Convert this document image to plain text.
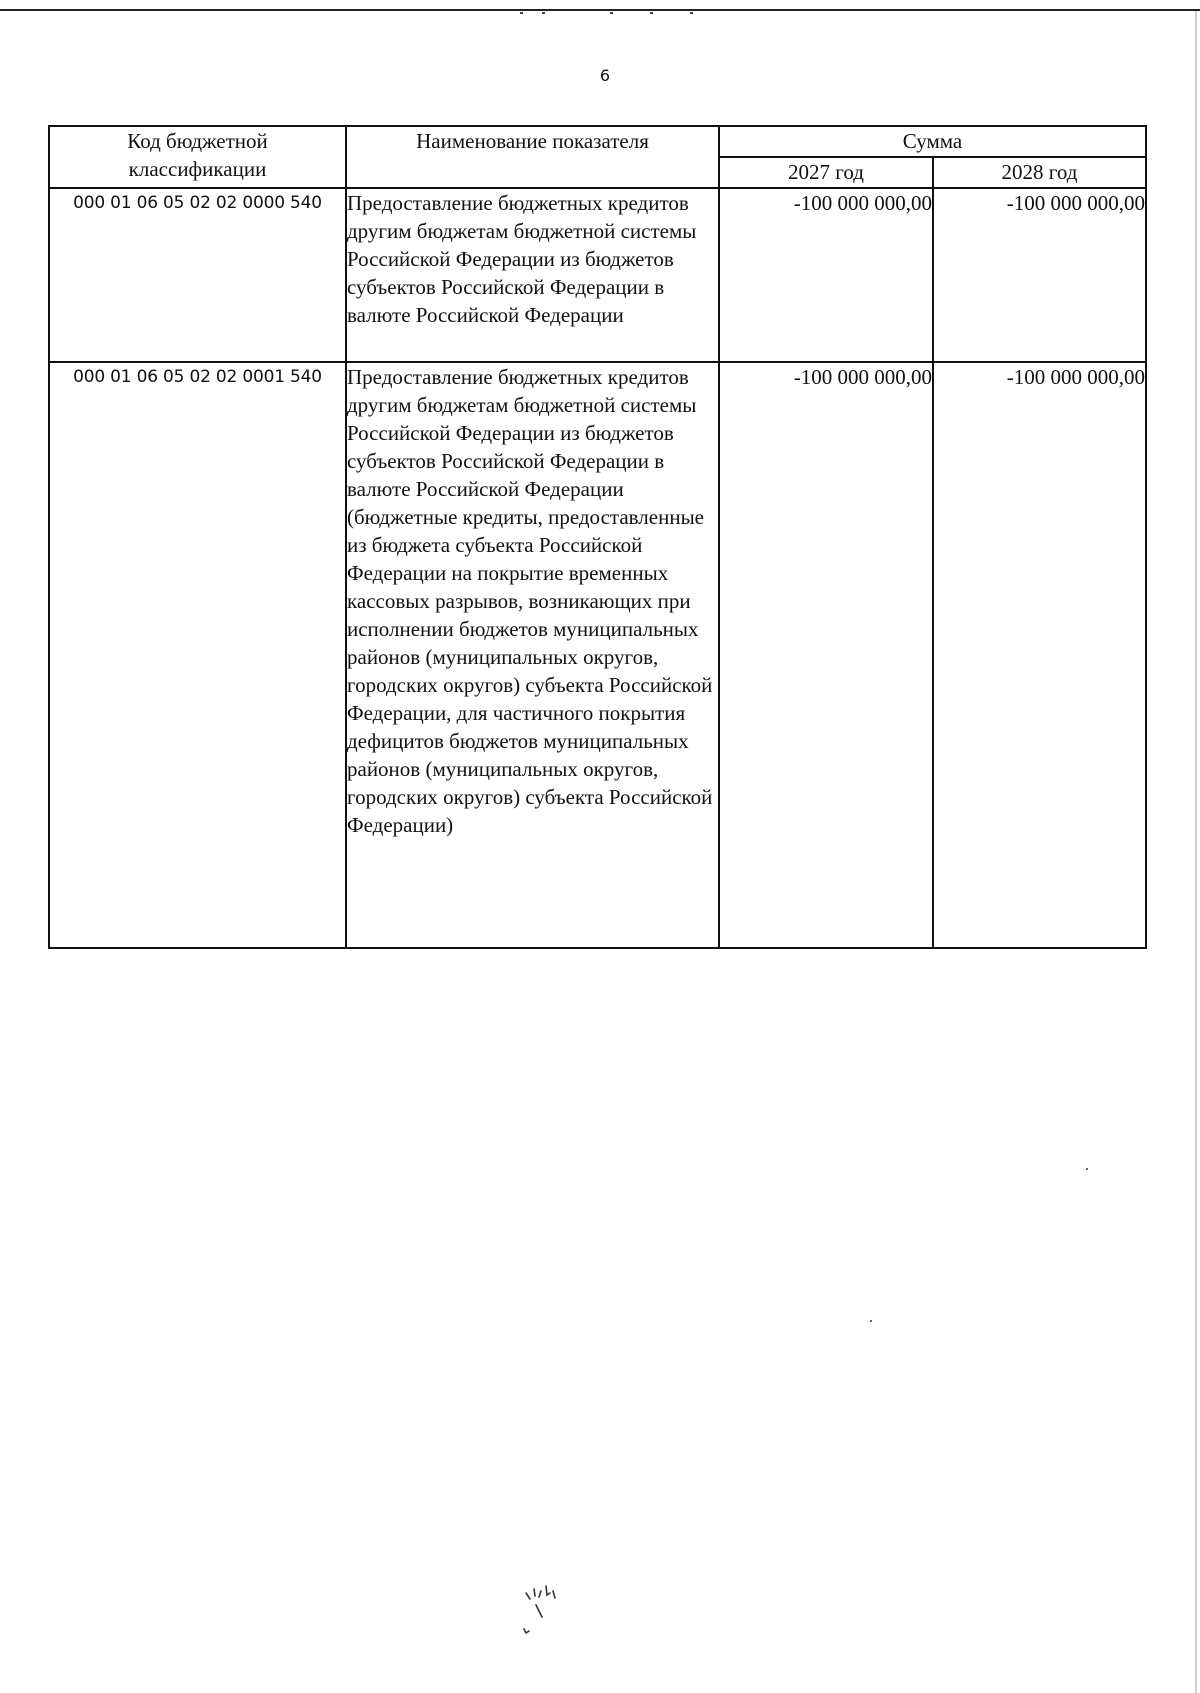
6
Код бюджетной
классификации	Наименование показателя	Сумма	
		2027 год	2028 год
000 01 06 05 02 02 0000 540	Предоставление бюджетных кредитов другим бюджетам бюджетной системы Российской Федерации из бюджетов субъектов Российской Федерации в валюте Российской Федерации	-100 000 000,00	-100 000 000,00
000 01 06 05 02 02 0001 540	Предоставление бюджетных кредитов другим бюджетам бюджетной системы Российской Федерации из бюджетов субъектов Российской Федерации в валюте Российской Федерации (бюджетные кредиты, предоставленные из бюджета субъекта Российской Федерации на покрытие временных кассовых разрывов, возникающих при исполнении бюджетов муниципальных районов (муниципальных округов, городских округов) субъекта Российской Федерации, для частичного покрытия дефицитов бюджетов муниципальных районов (муниципальных округов, городских округов) субъекта Российской Федерации)	-100 000 000,00	-100 000 000,00
